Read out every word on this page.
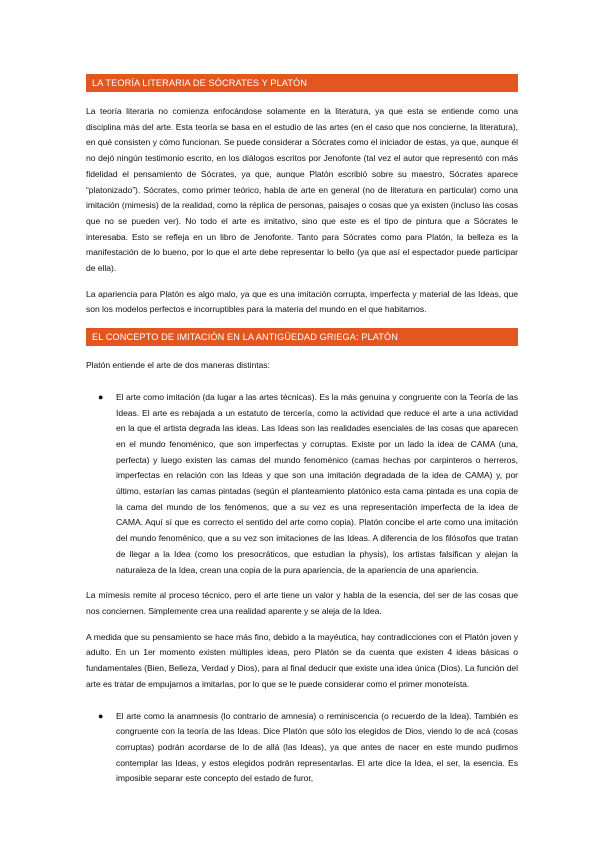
LA TEORÍA LITERARIA DE SÓCRATES Y PLATÓN

La teoría literaria no comienza enfocándose solamente en la literatura, ya que esta se entiende como una disciplina más del arte. Esta teoría se basa en el estudio de las artes (en el caso que nos concierne, la literatura), en qué consisten y cómo funcionan. Se puede considerar a Sócrates como el iniciador de estas, ya que, aunque él no dejó ningún testimonio escrito, en los diálogos escritos por Jenofonte (tal vez el autor que representó con más fidelidad el pensamiento de Sócrates, ya que, aunque Platón escribió sobre su maestro, Sócrates aparece “platonizado”). Sócrates, como primer teórico, habla de arte en general (no de literatura en particular) como una imitación (mimesis) de la realidad, como la réplica de personas, paisajes o cosas que ya existen (incluso las cosas que no se pueden ver). No todo el arte es imitativo, sino que este es el tipo de pintura que a Sócrates le interesaba. Esto se refleja en un libro de Jenofonte. Tanto para Sócrates como para Platón, la belleza es la manifestación de lo bueno, por lo que el arte debe representar lo bello (ya que así el espectador puede participar de ella).

La apariencia para Platón es algo malo, ya que es una imitación corrupta, imperfecta y material de las Ideas, que son los modelos perfectos e incorruptibles para la materia del mundo en el que habitamos.

EL CONCEPTO DE IMITACIÓN EN LA ANTIGÜEDAD GRIEGA: PLATÓN

Platón entiende el arte de dos maneras distintas:

● El arte como imitación (da lugar a las artes técnicas). Es la más genuina y congruente con la Teoría de las Ideas. El arte es rebajada a un estatuto de tercería, como la actividad que reduce el arte a una actividad en la que el artista degrada las ideas. Las Ideas son las realidades esenciales de las cosas que aparecen en el mundo fenoménico, que son imperfectas y corruptas. Existe por un lado la idea de CAMA (una, perfecta) y luego existen las camas del mundo fenoménico (camas hechas por carpinteros o herreros, imperfectas en relación con las Ideas y que son una imitación degradada de la idea de CAMA) y, por último, estarían las camas pintadas (según el planteamiento platónico esta cama pintada es una copia de la cama del mundo de los fenómenos, que a su vez es una representación imperfecta de la idea de CAMA. Aquí sí que es correcto el sentido del arte como copia). Platón concibe el arte como una imitación del mundo fenoménico, que a su vez son imitaciones de las Ideas. A diferencia de los filósofos que tratan de llegar a la Idea (como los presocráticos, que estudian la physis), los artistas falsifican y alejan la naturaleza de la Idea, crean una copia de la pura apariencia, de la apariencia de una apariencia.

La mímesis remite al proceso técnico, pero el arte tiene un valor y habla de la esencia, del ser de las cosas que nos conciernen. Simplemente crea una realidad aparente y se aleja de la Idea.

A medida que su pensamiento se hace más fino, debido a la mayéutica, hay contradicciones con el Platón joven y adulto. En un 1er momento existen múltiples ideas, pero Platón se da cuenta que existen 4 ideas básicas o fundamentales (Bien, Belleza, Verdad y Dios), para al final deducir que existe una idea única (Dios). La función del arte es tratar de empujarnos a imitarlas, por lo que se le puede considerar como el primer monoteísta.

● El arte como la anamnesis (lo contrario de amnesia) o reminiscencia (o recuerdo de la Idea). También es congruente con la teoría de las Ideas. Dice Platón que sólo los elegidos de Dios, viendo lo de acá (cosas corruptas) podrán acordarse de lo de allá (las Ideas), ya que antes de nacer en este mundo pudimos contemplar las Ideas, y estos elegidos podrán representarlas. El arte dice la Idea, el ser, la esencia. Es imposible separar este concepto del estado de furor,
